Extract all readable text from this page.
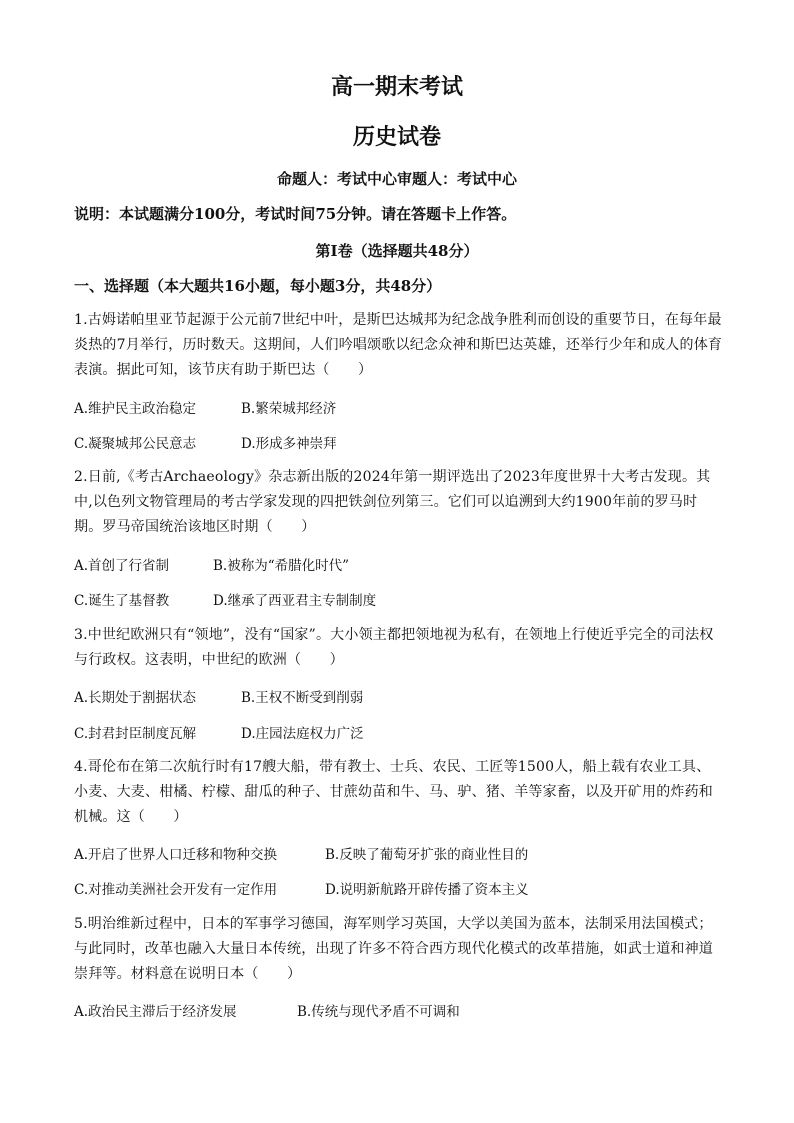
高一期末考试
历史试卷
命题人：考试中心审题人：考试中心
说明：本试题满分100分，考试时间75分钟。请在答题卡上作答。
第Ⅰ卷（选择题共48分）
一、选择题（本大题共16小题，每小题3分，共48分）
1.古姆诺帕里亚节起源于公元前7世纪中叶，是斯巴达城邦为纪念战争胜利而创设的重要节日，在每年最炎热的7月举行，历时数天。这期间，人们吟唱颂歌以纪念众神和斯巴达英雄，还举行少年和成人的体育表演。据此可知，该节庆有助于斯巴达（　　）
A.维护民主政治稳定	B.繁荣城邦经济
C.凝聚城邦公民意志	D.形成多神崇拜
2.日前,《考古Archaeology》杂志新出版的2024年第一期评选出了2023年度世界十大考古发现。其中,以色列文物管理局的考古学家发现的四把铁剑位列第三。它们可以追溯到大约1900年前的罗马时期。罗马帝国统治该地区时期（　　）
A.首创了行省制	B.被称为“希腊化时代”
C.诞生了基督教	D.继承了西亚君主专制制度
3.中世纪欧洲只有“领地”，没有“国家”。大小领主都把领地视为私有，在领地上行使近乎完全的司法权与行政权。这表明，中世纪的欧洲（　　）
A.长期处于割据状态	B.王权不断受到削弱
C.封君封臣制度瓦解	D.庄园法庭权力广泛
4.哥伦布在第二次航行时有17艘大船，带有教士、士兵、农民、工匠等1500人，船上载有农业工具、小麦、大麦、柑橘、柠檬、甜瓜的种子、甘蔗幼苗和牛、马、驴、猪、羊等家畜，以及开矿用的炸药和机械。这（　　）
A.开启了世界人口迁移和物种交换	B.反映了葡萄牙扩张的商业性目的
C.对推动美洲社会开发有一定作用	D.说明新航路开辟传播了资本主义
5.明治维新过程中，日本的军事学习德国，海军则学习英国，大学以美国为蓝本，法制采用法国模式；与此同时，改革也融入大量日本传统，出现了许多不符合西方现代化模式的改革措施，如武士道和神道崇拜等。材料意在说明日本（　　）
A.政治民主滞后于经济发展	B.传统与现代矛盾不可调和
